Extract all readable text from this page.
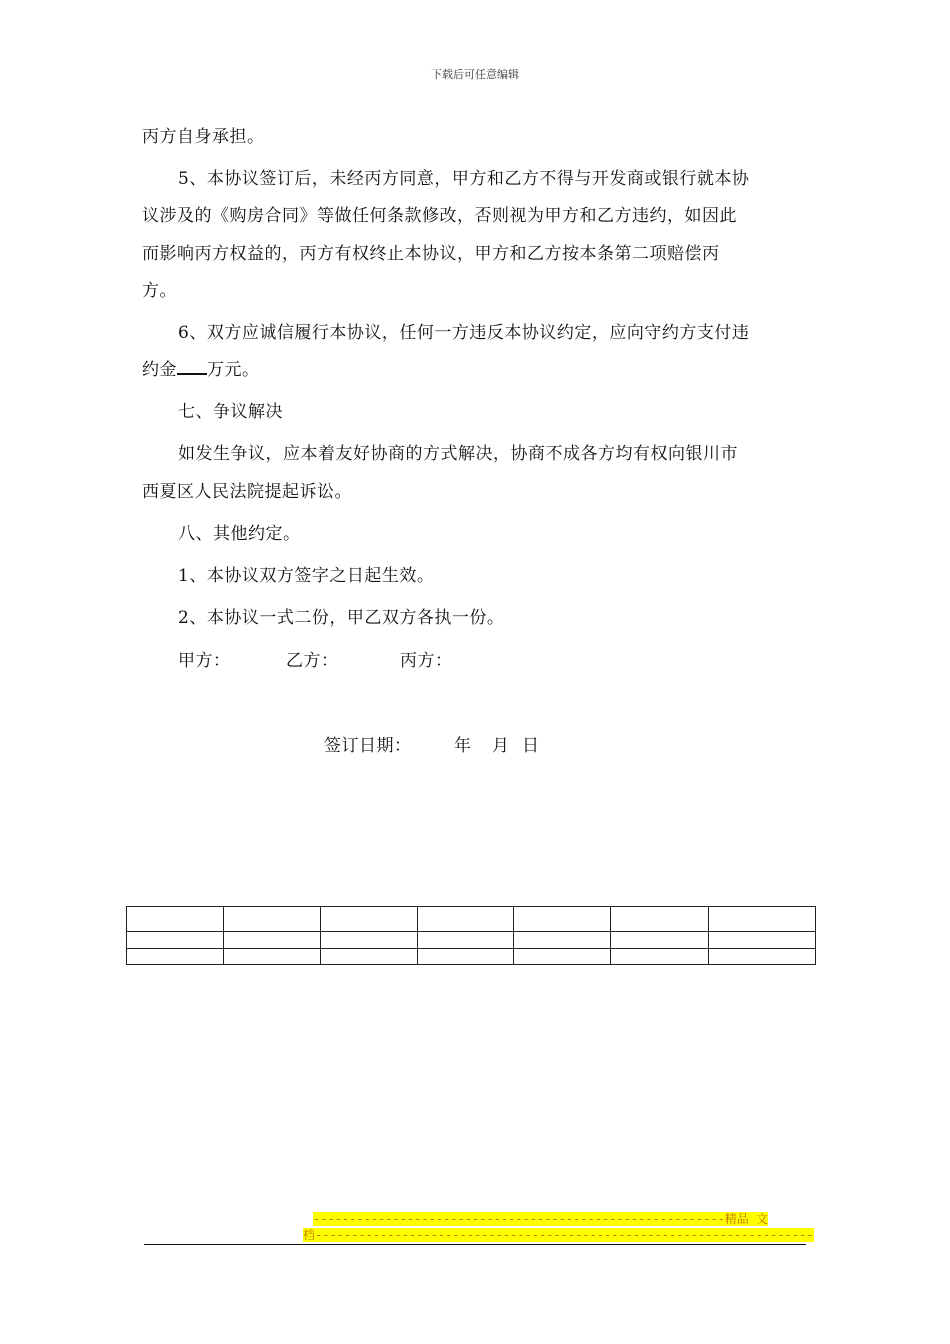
下载后可任意编辑
丙方自身承担。
5、本协议签订后，未经丙方同意，甲方和乙方不得与开发商或银行就本协
议涉及的《购房合同》等做任何条款修改，否则视为甲方和乙方违约，如因此
而影响丙方权益的，丙方有权终止本协议，甲方和乙方按本条第二项赔偿丙
方。
6、双方应诚信履行本协议，任何一方违反本协议约定，应向守约方支付违
约金 万元。
七、争议解决
如发生争议，应本着友好协商的方式解决，协商不成各方均有权向银川市
西夏区人民法院提起诉讼。
八、其他约定。
1、本协议双方签字之日起生效。
2、本协议一式二份，甲乙双方各执一份。
甲方：	乙方：	丙方：
签订日期：	年 月 日

---------------------------------------------------------精品 文
档---------------------------------------------------------------------
